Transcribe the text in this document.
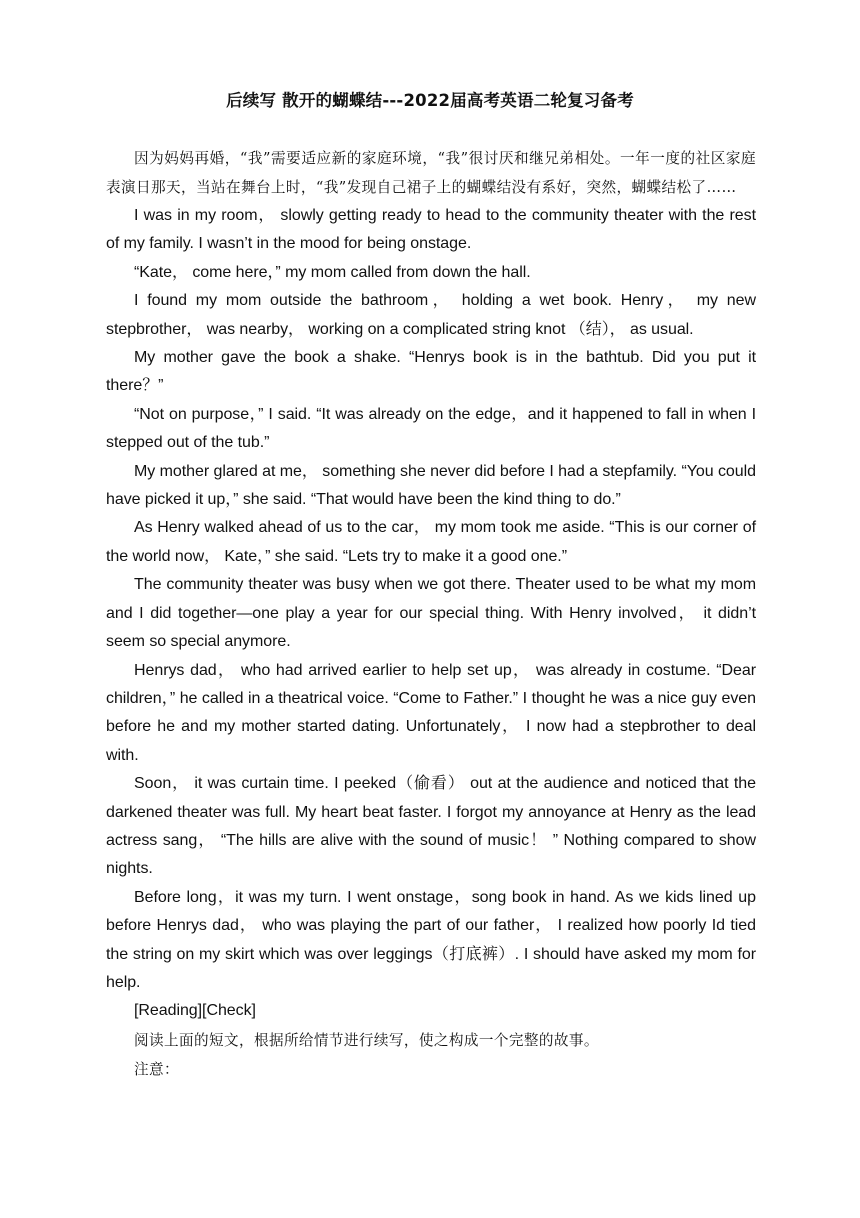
后续写 散开的蝴蝶结---2022届高考英语二轮复习备考

因为妈妈再婚，“我”需要适应新的家庭环境，“我”很讨厌和继兄弟相处。一年一度的社区家庭表演日那天，当站在舞台上时，“我”发现自己裙子上的蝴蝶结没有系好，突然，蝴蝶结松了……

I was in my room， slowly getting ready to head to the community theater with the rest of my family. I wasn’t in the mood for being onstage.

“Kate， come here，” my mom called from down the hall.

I found my mom outside the bathroom， holding a wet book. Henry， my new stepbrother， was nearby， working on a complicated string knot （结）， as usual.

My mother gave the book a shake. “Henrys book is in the bathtub. Did you put it there？”

“Not on purpose，” I said. “It was already on the edge，and it happened to fall in when I stepped out of the tub.”

My mother glared at me， something she never did before I had a stepfamily. “You could have picked it up，” she said. “That would have been the kind thing to do.”

As Henry walked ahead of us to the car， my mom took me aside. “This is our corner of the world now， Kate，” she said. “Lets try to make it a good one.”

The community theater was busy when we got there. Theater used to be what my mom and I did together—one play a year for our special thing. With Henry involved， it didn’t seem so special anymore.

Henrys dad， who had arrived earlier to help set up， was already in costume. “Dear children，” he called in a theatrical voice. “Come to Father.” I thought he was a nice guy even before he and my mother started dating. Unfortunately， I now had a stepbrother to deal with.

Soon， it was curtain time. I peeked（偷看） out at the audience and noticed that the darkened theater was full. My heart beat faster. I forgot my annoyance at Henry as the lead actress sang， “The hills are alive with the sound of music！ ” Nothing compared to show nights.

Before long，it was my turn. I went onstage，song book in hand. As we kids lined up before Henrys dad， who was playing the part of our father， I realized how poorly Id tied the string on my skirt which was over leggings（打底裤）. I should have asked my mom for help.

[Reading][Check]

阅读上面的短文，根据所给情节进行续写，使之构成一个完整的故事。

注意：
